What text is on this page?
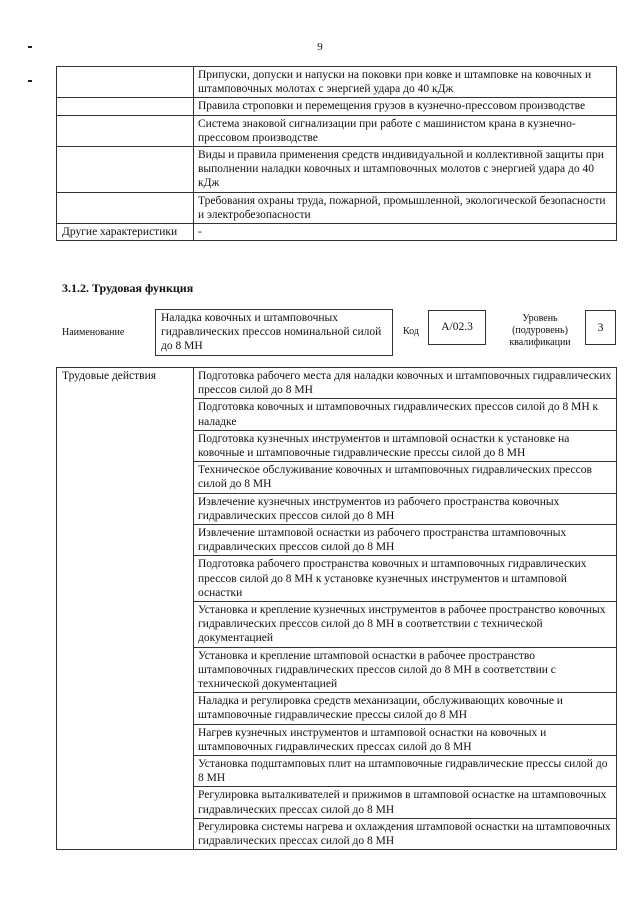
9
	Припуски, допуски и напуски на поковки при ковке и штамповке на ковочных и штамповочных молотах с энергией удара до 40 кДж
	Правила строповки и перемещения грузов в кузнечно-прессовом производстве
	Система знаковой сигнализации при работе с машинистом крана в кузнечно-прессовом производстве
	Виды и правила применения средств индивидуальной и коллективной защиты при выполнении наладки ковочных и штамповочных молотов с энергией удара до 40 кДж
	Требования охраны труда, пожарной, промышленной, экологической безопасности и электробезопасности
Другие характеристики	-
3.1.2. Трудовая функция
Наименование
Наладка ковочных и штамповочных гидравлических прессов номинальной силой до 8 МН
Код	А/02.3
Уровень (подуровень) квалификации
3
Трудовые действия	Подготовка рабочего места для наладки ковочных и штамповочных гидравлических прессов силой до 8 МН
Подготовка ковочных и штамповочных гидравлических прессов силой до 8 МН к наладке
Подготовка кузнечных инструментов и штамповой оснастки к установке на ковочные и штамповочные гидравлические прессы силой до 8 МН
Техническое обслуживание ковочных и штамповочных гидравлических прессов силой до 8 МН
Извлечение кузнечных инструментов из рабочего пространства ковочных гидравлических прессов силой до 8 МН
Извлечение штамповой оснастки из рабочего пространства штамповочных гидравлических прессов силой до 8 МН
Подготовка рабочего пространства ковочных и штамповочных гидравлических прессов силой до 8 МН к установке кузнечных инструментов и штамповой оснастки
Установка и крепление кузнечных инструментов в рабочее пространство ковочных гидравлических прессов силой до 8 МН в соответствии с технической документацией
Установка и крепление штамповой оснастки в рабочее пространство штамповочных гидравлических прессов силой до 8 МН в соответствии с технической документацией
Наладка и регулировка средств механизации, обслуживающих ковочные и штамповочные гидравлические прессы силой до 8 МН
Нагрев кузнечных инструментов и штамповой оснастки на ковочных и штамповочных гидравлических прессах силой до 8 МН
Установка подштамповых плит на штамповочные гидравлические прессы силой до 8 МН
Регулировка выталкивателей и прижимов в штамповой оснастке на штамповочных гидравлических прессах силой до 8 МН
Регулировка системы нагрева и охлаждения штамповой оснастки на штамповочных гидравлических прессах силой до 8 МН
